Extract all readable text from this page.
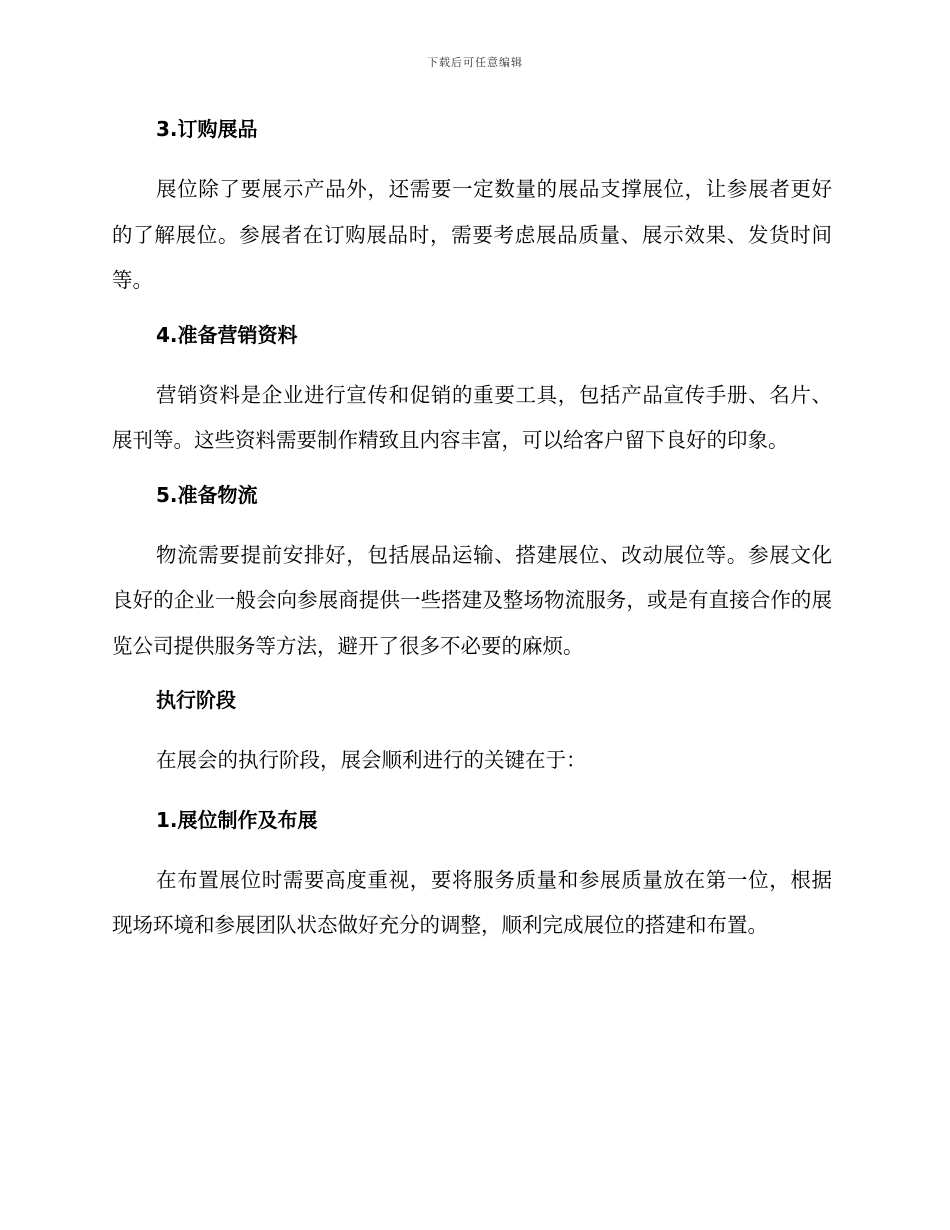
下载后可任意编辑
3.订购展品

展位除了要展示产品外，还需要一定数量的展品支撑展位，让参展者更好的了解展位。参展者在订购展品时，需要考虑展品质量、展示效果、发货时间等。

4.准备营销资料

营销资料是企业进行宣传和促销的重要工具，包括产品宣传手册、名片、展刊等。这些资料需要制作精致且内容丰富，可以给客户留下良好的印象。

5.准备物流

物流需要提前安排好，包括展品运输、搭建展位、改动展位等。参展文化良好的企业一般会向参展商提供一些搭建及整场物流服务，或是有直接合作的展览公司提供服务等方法，避开了很多不必要的麻烦。

执行阶段

在展会的执行阶段，展会顺利进行的关键在于：

1.展位制作及布展

在布置展位时需要高度重视，要将服务质量和参展质量放在第一位，根据现场环境和参展团队状态做好充分的调整，顺利完成展位的搭建和布置。
